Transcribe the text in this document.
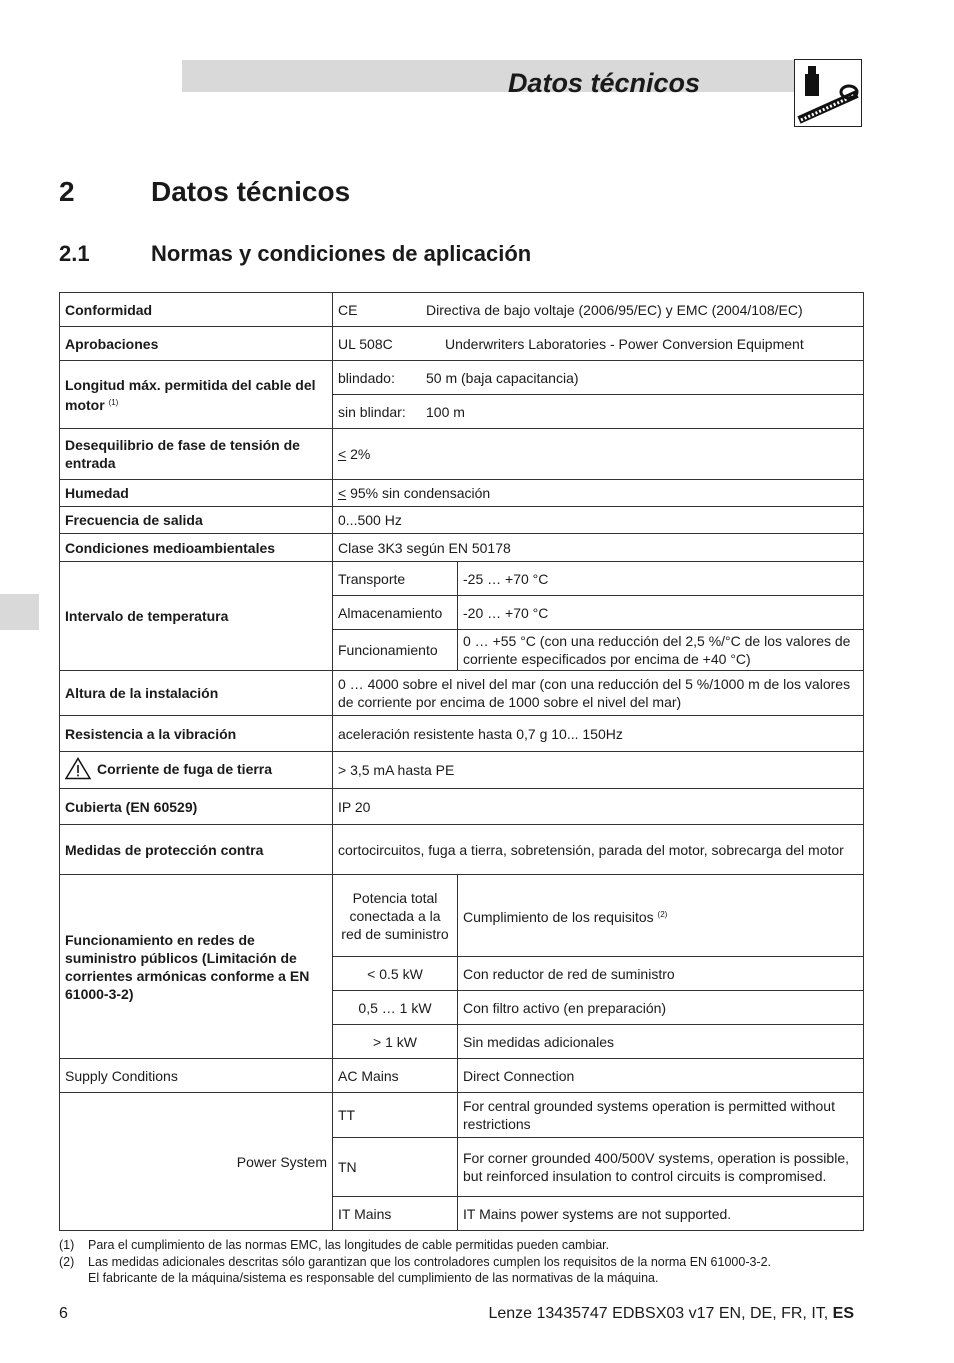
Datos técnicos
2	Datos técnicos
2.1	Normas y condiciones de aplicación
Conformidad	CE Directiva de bajo voltaje (2006/95/EC) y EMC (2004/108/EC)	
Aprobaciones	UL 508C Underwriters Laboratories - Power Conversion Equipment	
Longitud máx. permitida del cable del motor $^{(1)}$	blindado: 50 m (baja capacitancia)	
	sin blindar: 100 m	
Desequilibrio de fase de tensión de entrada	< 2%	
Humedad	< 95% sin condensación	
Frecuencia de salida	0...500 Hz	
Condiciones medioambientales	Clase 3K3 según EN 50178	
Intervalo de temperatura	Transporte	-25 … +70 °C
	Almacenamiento	-20 … +70 °C
	Funcionamiento	0 … +55 °C (con una reducción del 2,5 %/°C de los valores de corriente especificados por encima de +40 °C)
Altura de la instalación	0 … 4000 sobre el nivel del mar (con una reducción del 5 %/1000 m de los valores de corriente por encima de 1000 sobre el nivel del mar)	
Resistencia a la vibración	aceleración resistente hasta 0,7 g 10... 150Hz	
Corriente de fuga de tierra	> 3,5 mA hasta PE	
Cubierta (EN 60529)	IP 20	
Medidas de protección contra	cortocircuitos, fuga a tierra, sobretensión, parada del motor, sobrecarga del motor	
Funcionamiento en redes de suministro públicos (Limitación de corrientes armónicas conforme a EN 61000-3-2)	Potencia total conectada a la red de suministro	Cumplimiento de los requisitos $^{(2)}$
	< 0.5 kW	Con reductor de red de suministro
	0,5 … 1 kW	Con filtro activo (en preparación)
	> 1 kW	Sin medidas adicionales
Supply Conditions	AC Mains	Direct Connection
Power System	TT	For central grounded systems operation is permitted without restrictions
	TN	For corner grounded 400/500V systems, operation is possible, but reinforced insulation to control circuits is compromised.
	IT Mains	IT Mains power systems are not supported.
(1)	Para el cumplimiento de las normas EMC, las longitudes de cable permitidas pueden cambiar.
(2)	Las medidas adicionales descritas sólo garantizan que los controladores cumplen los requisitos de la norma EN 61000-3-2.
El fabricante de la máquina/sistema es responsable del cumplimiento de las normativas de la máquina.
6	Lenze 13435747 EDBSX03 v17 EN, DE, FR, IT, ES
